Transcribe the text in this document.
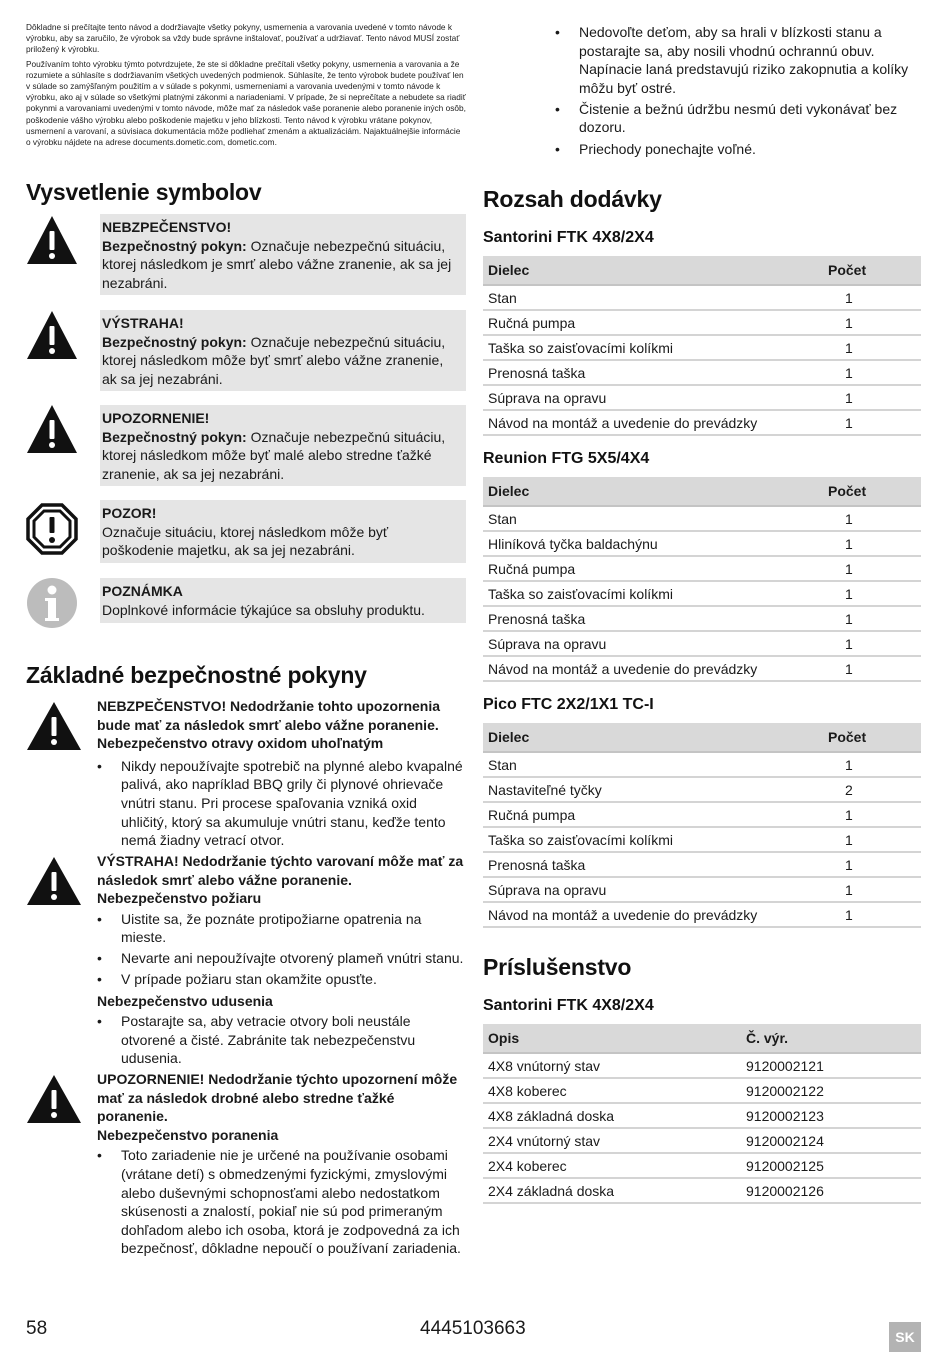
Dôkladne si prečítajte tento návod a dodržiavajte všetky pokyny, usmernenia a varovania uvedené v tomto návode k výrobku, aby sa zaručilo, že výrobok sa vždy bude správne inštalovať, používať a udržiavať. Tento návod MUSÍ zostať priložený k výrobku.

Používaním tohto výrobku týmto potvrdzujete, že ste si dôkladne prečítali všetky pokyny, usmernenia a varovania a že rozumiete a súhlasíte s dodržiavaním všetkých uvedených podmienok. Súhlasíte, že tento výrobok budete používať len v súlade so zamýšľaným použitím a v súlade s pokynmi, usmerneniami a varovania uvedenými v tomto návode k výrobku, ako aj v súlade so všetkými platnými zákonmi a nariadeniami. V prípade, že si neprečítate a nebudete sa riadiť pokynmi a varovaniami uvedenými v tomto návode, môže mať za následok vaše poranenie alebo poranenie iných osôb, poškodenie vášho výrobku alebo poškodenie majetku v jeho blízkosti. Tento návod k výrobku vrátane pokynov, usmernení a varovaní, a súvisiaca dokumentácia môže podliehať zmenám a aktualizáciám. Najaktuálnejšie informácie o výrobku nájdete na adrese documents.dometic.com, dometic.com.

Vysvetlenie symbolov
NEBZPEČENSTVO!
Bezpečnostný pokyn: Označuje nebezpečnú situáciu, ktorej následkom je smrť alebo vážne zranenie, ak sa jej nezabráni.
VÝSTRAHA!
Bezpečnostný pokyn: Označuje nebezpečnú situáciu, ktorej následkom môže byť smrť alebo vážne zranenie, ak sa jej nezabráni.
UPOZORNENIE!
Bezpečnostný pokyn: Označuje nebezpečnú situáciu, ktorej následkom môže byť malé alebo stredne ťažké zranenie, ak sa jej nezabráni.
POZOR!
Označuje situáciu, ktorej následkom môže byť poškodenie majetku, ak sa jej nezabráni.
POZNÁMKA
Doplnkové informácie týkajúce sa obsluhy produktu.
Základné bezpečnostné pokyny
NEBZPEČENSTVO! Nedodržanie tohto upozornenia bude mať za následok smrť alebo vážne poranenie.
Nebezpečenstvo otravy oxidom uhoľnatým
• Nikdy nepoužívajte spotrebič na plynné alebo kvapalné palivá, ako napríklad BBQ grily či plynové ohrievače vnútri stanu. Pri procese spaľovania vzniká oxid uhličitý, ktorý sa akumuluje vnútri stanu, keďže tento nemá žiadny vetrací otvor.
VÝSTRAHA! Nedodržanie týchto varovaní môže mať za následok smrť alebo vážne poranenie.
Nebezpečenstvo požiaru
• Uistite sa, že poznáte protipožiarne opatrenia na mieste.
• Nevarte ani nepoužívajte otvorený plameň vnútri stanu.
• V prípade požiaru stan okamžite opusťte.
Nebezpečenstvo udusenia
• Postarajte sa, aby vetracie otvory boli neustále otvorené a čisté. Zabránite tak nebezpečenstvu udusenia.
UPOZORNENIE! Nedodržanie týchto upozornení môže mať za následok drobné alebo stredne ťažké poranenie.
Nebezpečenstvo poranenia
• Toto zariadenie nie je určené na používanie osobami (vrátane detí) s obmedzenými fyzickými, zmyslovými alebo duševnými schopnosťami alebo nedostatkom skúsenosti a znalostí, pokiaľ nie sú pod primeraným dohľadom alebo ich osoba, ktorá je zodpovedná za ich bezpečnosť, dôkladne nepoučí o používaní zariadenia.
• Nedovoľte deťom, aby sa hrali v blízkosti stanu a postarajte sa, aby nosili vhodnú ochrannú obuv. Napínacie laná predstavujú riziko zakopnutia a kolíky môžu byť ostré.
• Čistenie a bežnú údržbu nesmú deti vykonávať bez dozoru.
• Priechody ponechajte voľné.
Rozsah dodávky
Santorini FTK 4X8/2X4
Dielec	Počet
Stan	1
Ručná pumpa	1
Taška so zaisťovacími kolíkmi	1
Prenosná taška	1
Súprava na opravu	1
Návod na montáž a uvedenie do prevádzky	1
Reunion FTG 5X5/4X4
Dielec	Počet
Stan	1
Hliníková tyčka baldachýnu	1
Ručná pumpa	1
Taška so zaisťovacími kolíkmi	1
Prenosná taška	1
Súprava na opravu	1
Návod na montáž a uvedenie do prevádzky	1
Pico FTC 2X2/1X1 TC-I
Dielec	Počet
Stan	1
Nastaviteľné tyčky	2
Ručná pumpa	1
Taška so zaisťovacími kolíkmi	1
Prenosná taška	1
Súprava na opravu	1
Návod na montáž a uvedenie do prevádzky	1
Príslušenstvo
Santorini FTK 4X8/2X4
Opis	Č. výr.
4X8 vnútorný stav	9120002121
4X8 koberec	9120002122
4X8 základná doska	9120002123
2X4 vnútorný stav	9120002124
2X4 koberec	9120002125
2X4 základná doska	9120002126
58	4445103663	SK
